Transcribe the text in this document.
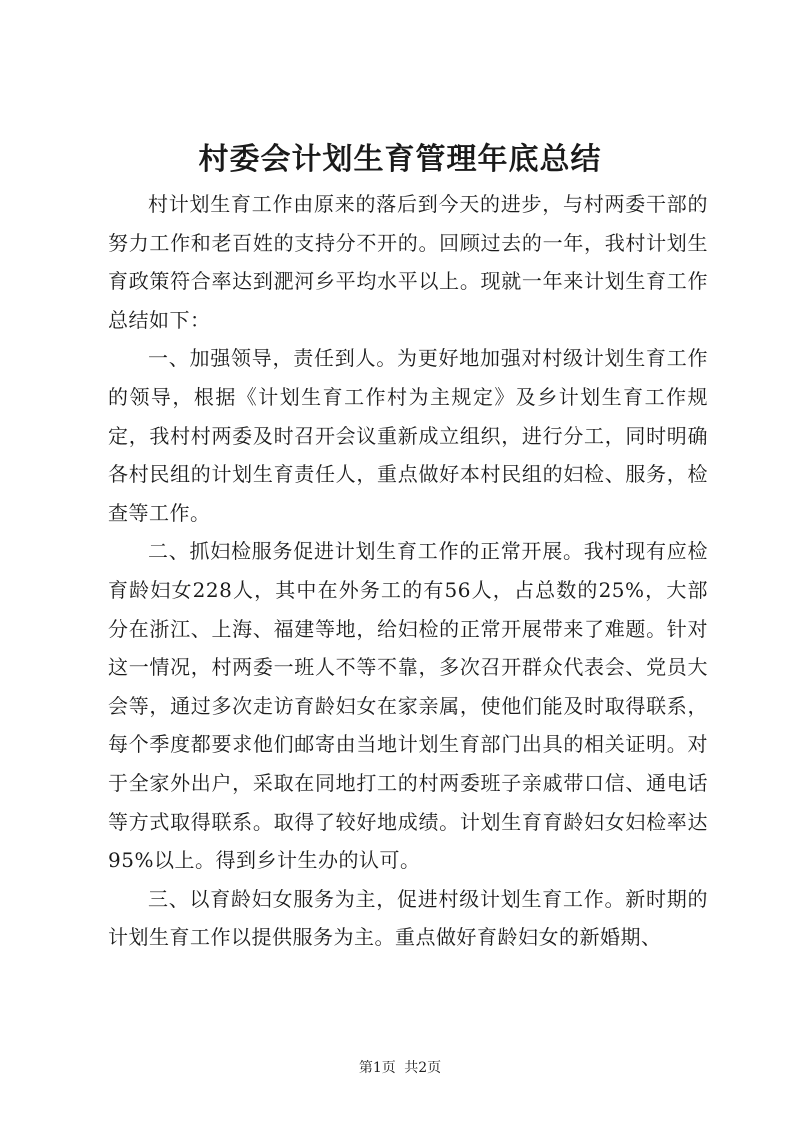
村委会计划生育管理年底总结

村计划生育工作由原来的落后到今天的进步，与村两委干部的努力工作和老百姓的支持分不开的。回顾过去的一年，我村计划生育政策符合率达到淝河乡平均水平以上。现就一年来计划生育工作总结如下：

一、加强领导，责任到人。为更好地加强对村级计划生育工作的领导，根据《计划生育工作村为主规定》及乡计划生育工作规定，我村村两委及时召开会议重新成立组织，进行分工，同时明确各村民组的计划生育责任人，重点做好本村民组的妇检、服务，检查等工作。

二、抓妇检服务促进计划生育工作的正常开展。我村现有应检育龄妇女228人，其中在外务工的有56人，占总数的25%，大部分在浙江、上海、福建等地，给妇检的正常开展带来了难题。针对这一情况，村两委一班人不等不靠，多次召开群众代表会、党员大会等，通过多次走访育龄妇女在家亲属，使他们能及时取得联系，每个季度都要求他们邮寄由当地计划生育部门出具的相关证明。对于全家外出户，采取在同地打工的村两委班子亲戚带口信、通电话等方式取得联系。取得了较好地成绩。计划生育育龄妇女妇检率达95%以上。得到乡计生办的认可。

三、以育龄妇女服务为主，促进村级计划生育工作。新时期的计划生育工作以提供服务为主。重点做好育龄妇女的新婚期、

第1页 共2页
